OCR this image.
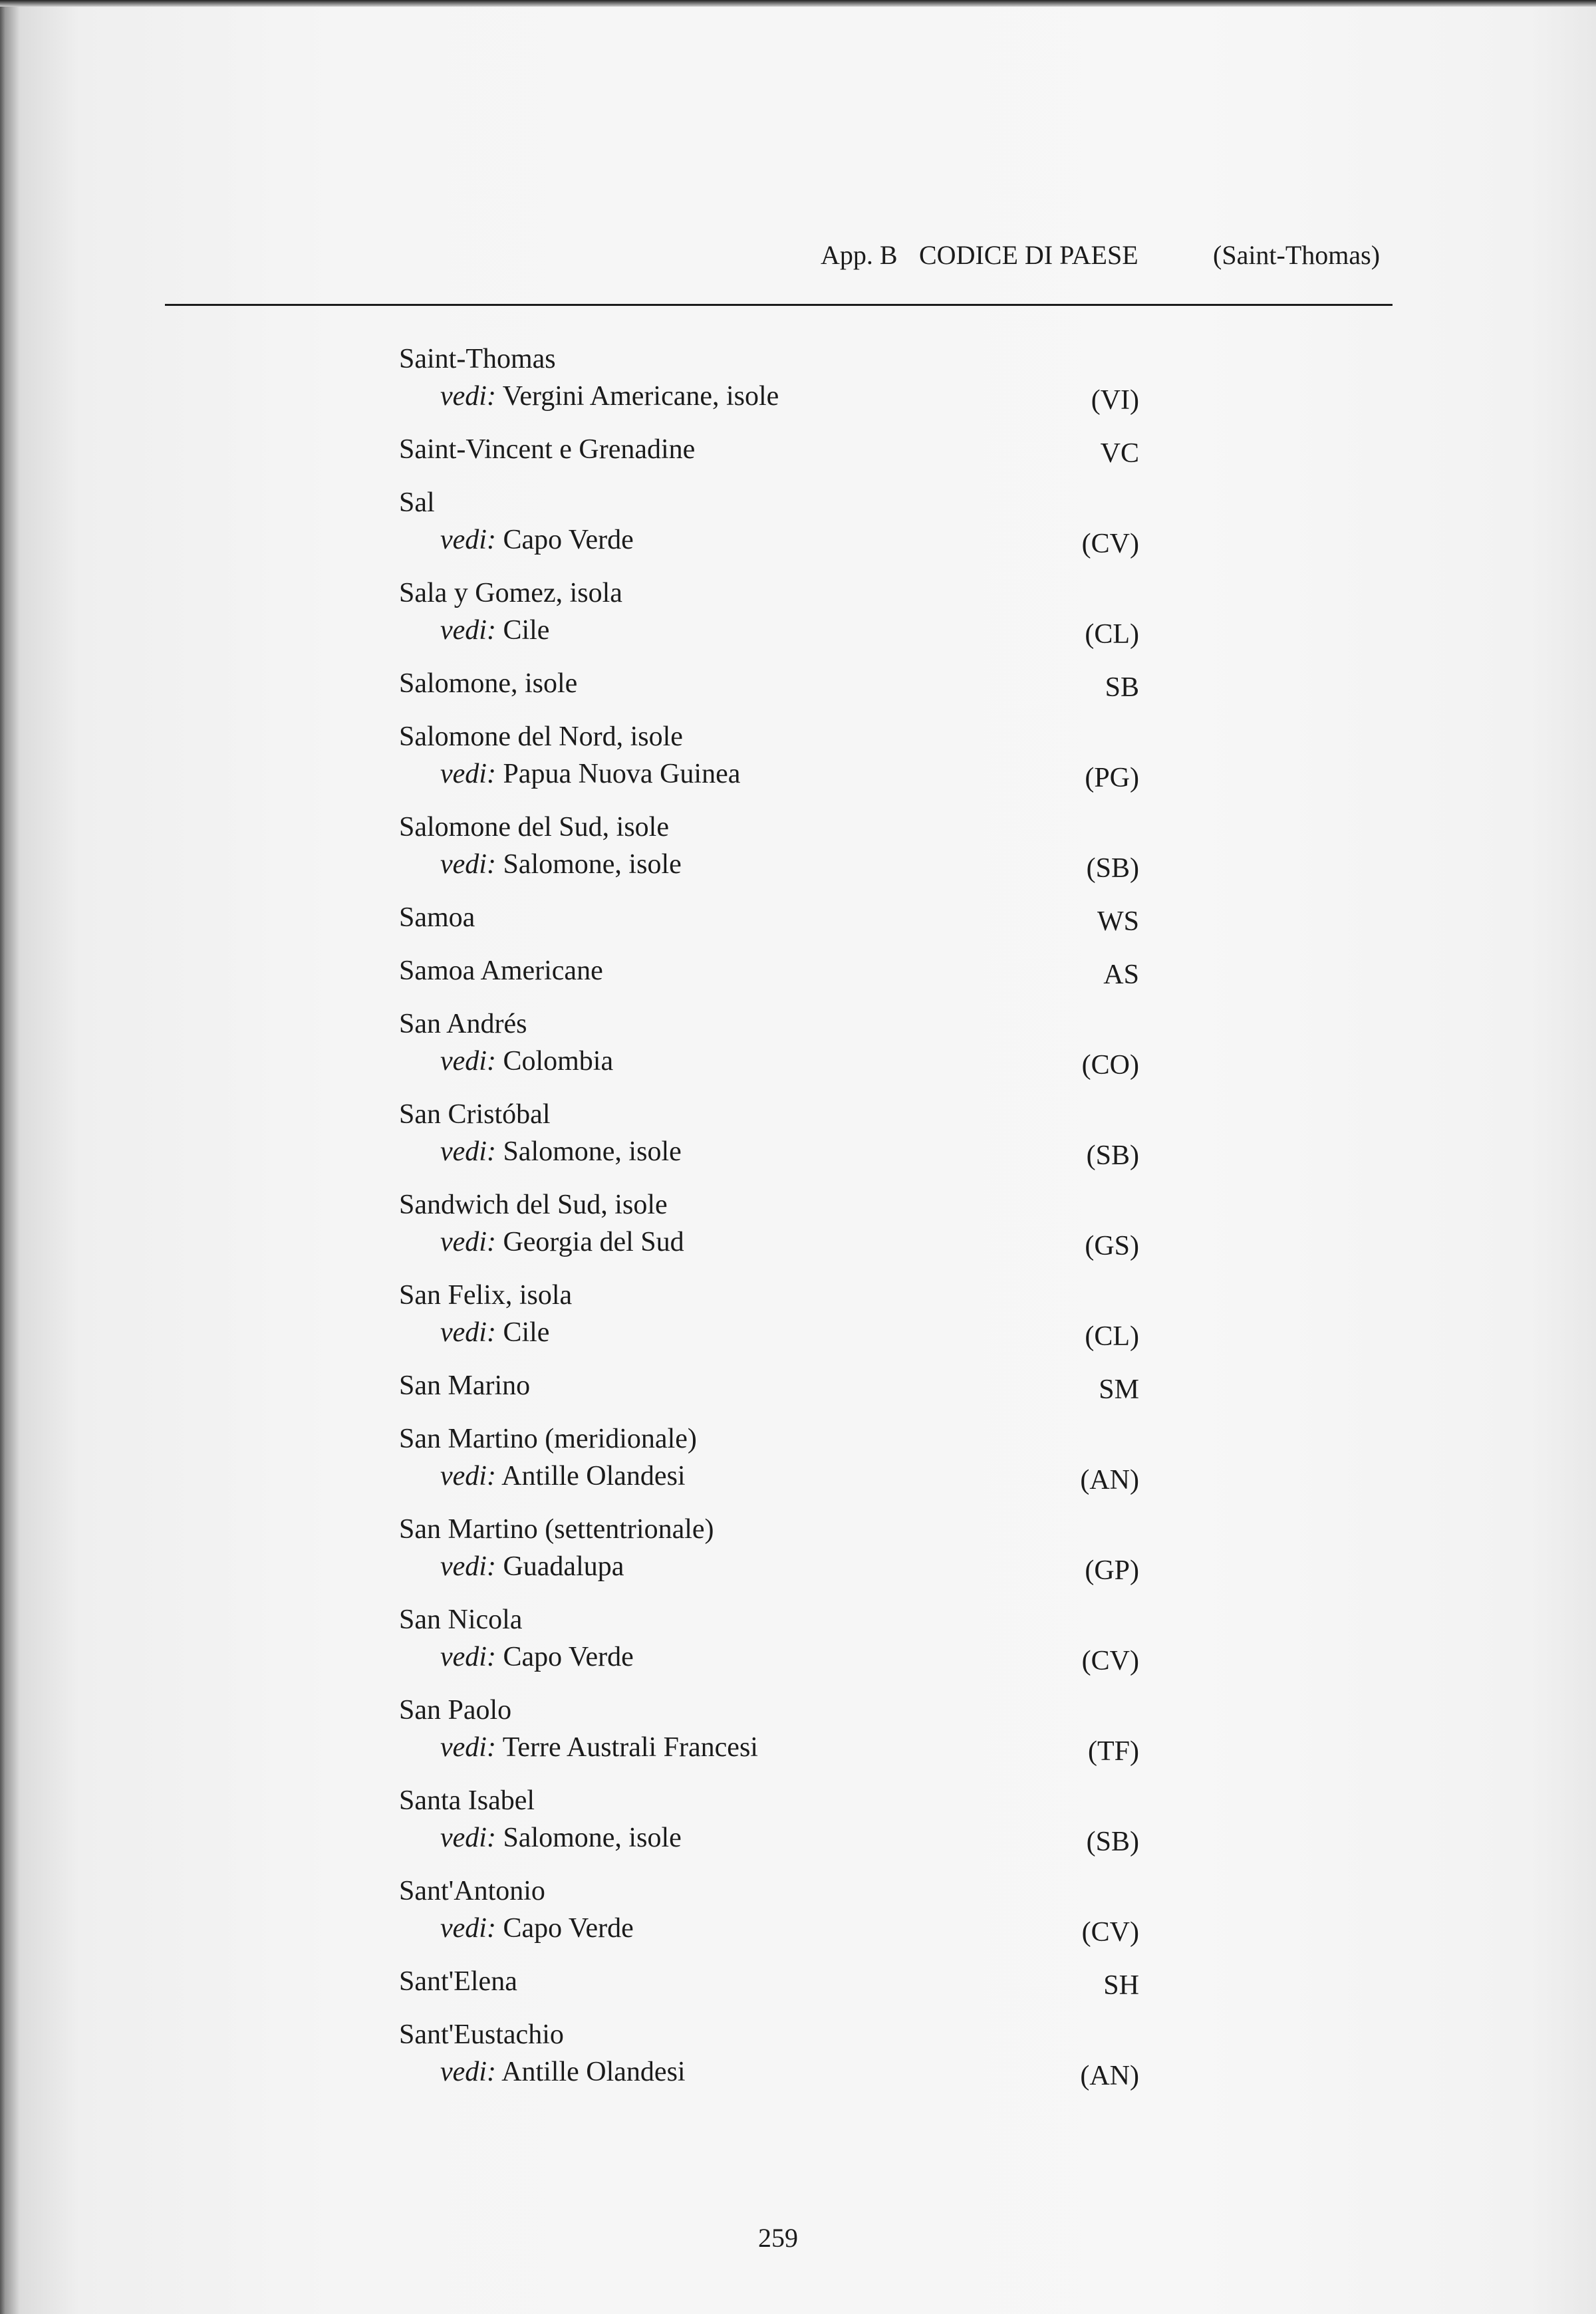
App. B CODICE DI PAESE	(Saint-Thomas)
Saint-Thomas
vedi: Vergini Americane, isole	(VI)
Saint-Vincent e Grenadine	VC
Sal
vedi: Capo Verde	(CV)
Sala y Gomez, isola
vedi: Cile	(CL)
Salomone, isole	SB
Salomone del Nord, isole
vedi: Papua Nuova Guinea	(PG)
Salomone del Sud, isole
vedi: Salomone, isole	(SB)
Samoa	WS
Samoa Americane	AS
San Andrés
vedi: Colombia	(CO)
San Cristóbal
vedi: Salomone, isole	(SB)
Sandwich del Sud, isole
vedi: Georgia del Sud	(GS)
San Felix, isola
vedi: Cile	(CL)
San Marino	SM
San Martino (meridionale)
vedi: Antille Olandesi	(AN)
San Martino (settentrionale)
vedi: Guadalupa	(GP)
San Nicola
vedi: Capo Verde	(CV)
San Paolo
vedi: Terre Australi Francesi	(TF)
Santa Isabel
vedi: Salomone, isole	(SB)
Sant'Antonio
vedi: Capo Verde	(CV)
Sant'Elena	SH
Sant'Eustachio
vedi: Antille Olandesi	(AN)
259
